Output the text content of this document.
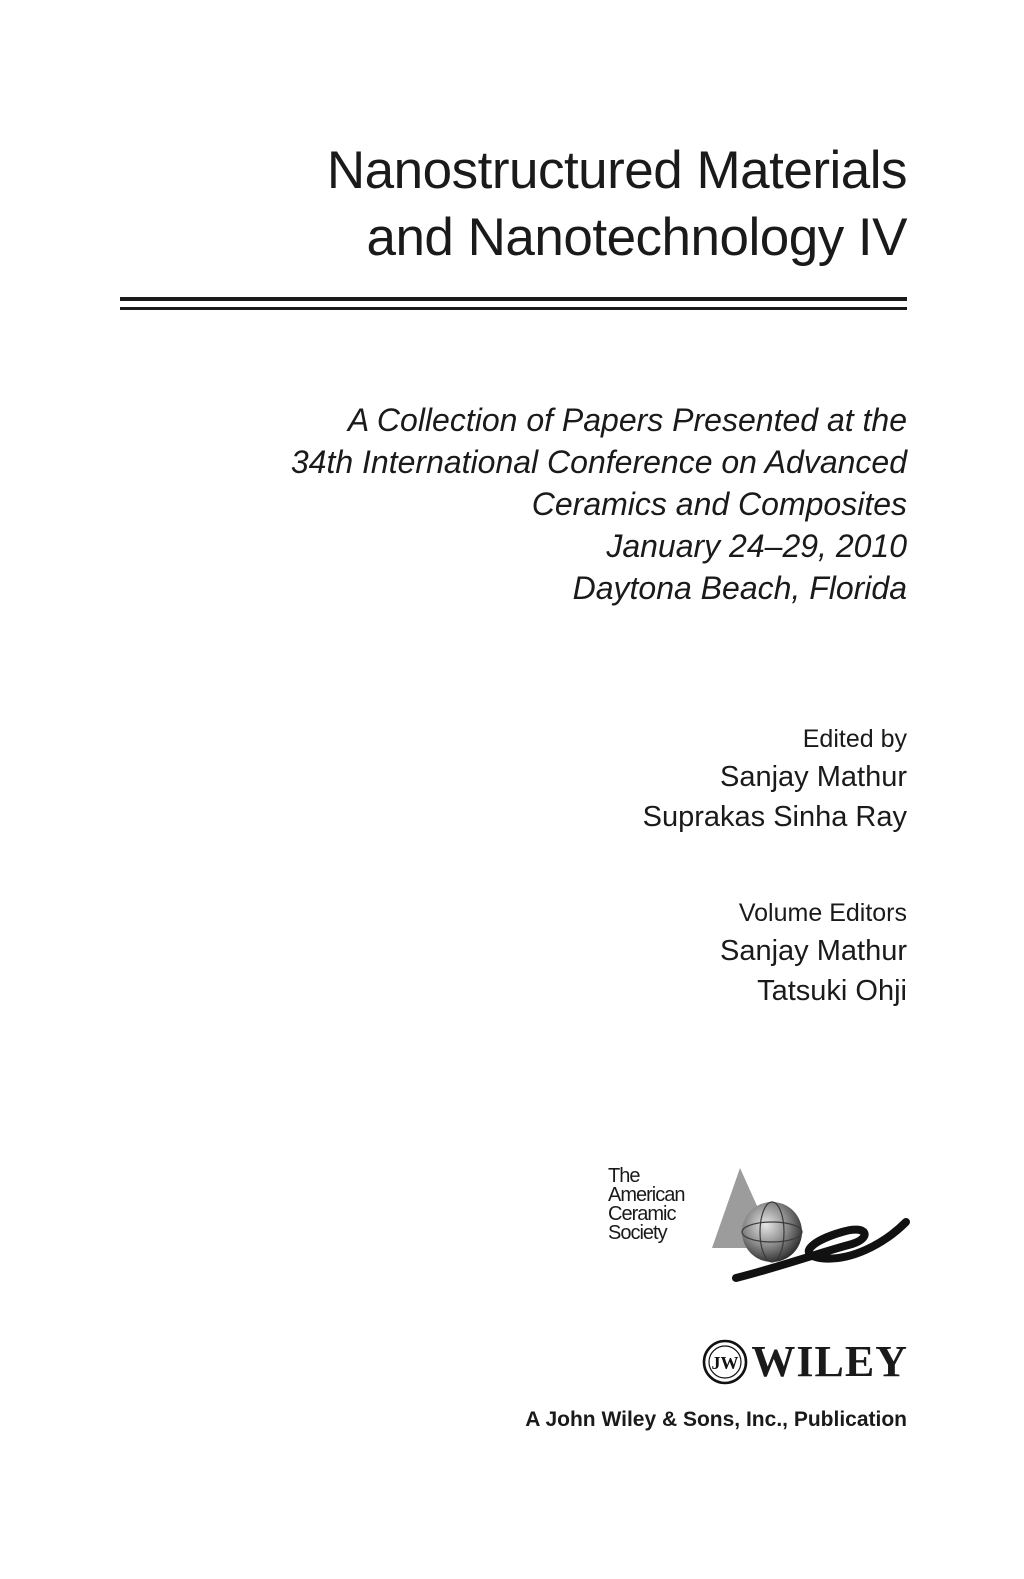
Nanostructured Materials
and Nanotechnology IV
A Collection of Papers Presented at the
34th International Conference on Advanced
Ceramics and Composites
January 24–29, 2010
Daytona Beach, Florida
Edited by
Sanjay Mathur
Suprakas Sinha Ray
Volume Editors
Sanjay Mathur
Tatsuki Ohji
The
American
Ceramic
Society
JW WILEY
A John Wiley & Sons, Inc., Publication
